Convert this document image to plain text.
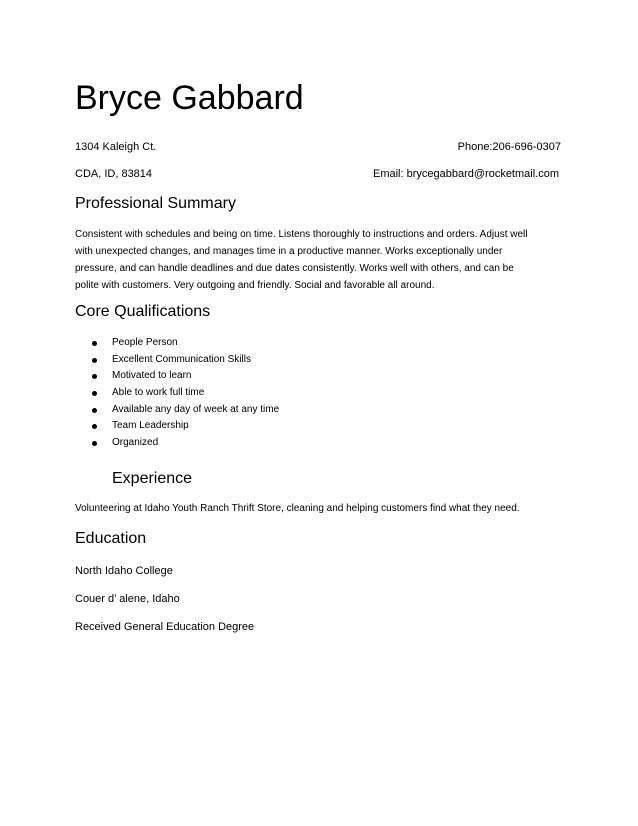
Bryce Gabbard
1304 Kaleigh Ct.	Phone:206-696-0307
CDA, ID, 83814	Email: brycegabbard@rocketmail.com
Professional Summary

Consistent with schedules and being on time. Listens thoroughly to instructions and orders. Adjust well
with unexpected changes, and manages time in a productive manner. Works exceptionally under
pressure, and can handle deadlines and due dates consistently. Works well with others, and can be
polite with customers. Very outgoing and friendly. Social and favorable all around.

Core Qualifications
People Person
Excellent Communication Skills
Motivated to learn
Able to work full time
Available any day of week at any time
Team Leadership
Organized
Experience
Volunteering at Idaho Youth Ranch Thrift Store, cleaning and helping customers find what they need.
Education
North Idaho College
Couer d’ alene, Idaho
Received General Education Degree
